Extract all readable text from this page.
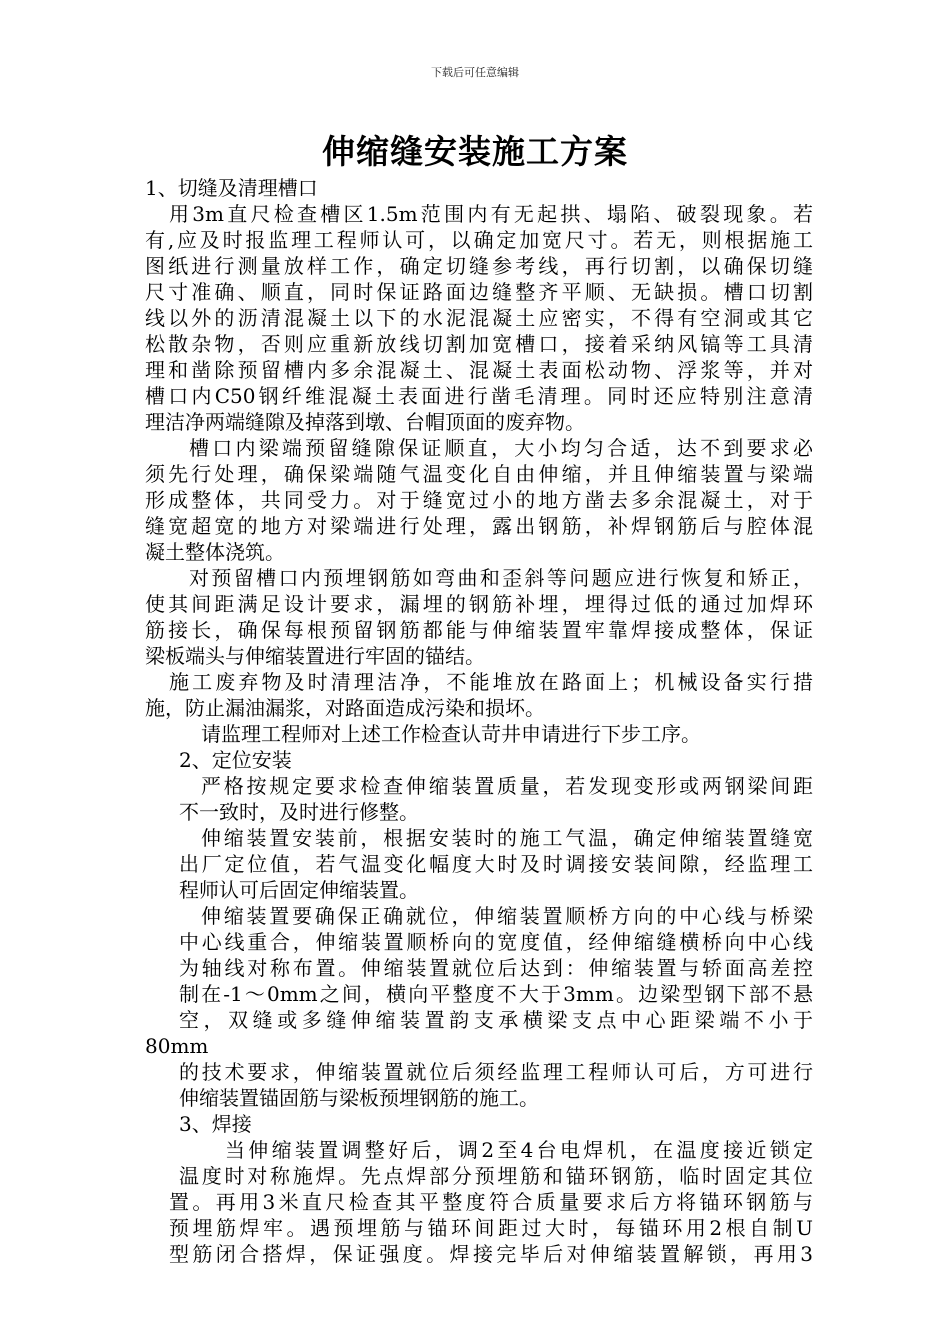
下载后可任意编辑
伸缩缝安装施工方案
1、切缝及清理槽口
用3m直尺检查槽区1.5m范围内有无起拱、塌陷、破裂现象。若
有,应及时报监理工程师认可，以确定加宽尺寸。若无，则根据施工
图纸进行测量放样工作，确定切缝参考线，再行切割，以确保切缝
尺寸准确、顺直，同时保证路面边缝整齐平顺、无缺损。槽口切割
线以外的沥清混凝土以下的水泥混凝土应密实，不得有空洞或其它
松散杂物，否则应重新放线切割加宽槽口，接着采纳风镐等工具清
理和凿除预留槽内多余混凝土、混凝土表面松动物、浮浆等，并对
槽口内C50钢纤维混凝土表面进行凿毛清理。同时还应特别注意清
理洁净两端缝隙及掉落到墩、台帽顶面的废弃物。
槽口内梁端预留缝隙保证顺直，大小均匀合适，达不到要求必
须先行处理，确保梁端随气温变化自由伸缩，并且伸缩装置与梁端
形成整体，共同受力。对于缝宽过小的地方凿去多余混凝土，对于
缝宽超宽的地方对梁端进行处理，露出钢筋，补焊钢筋后与腔体混
凝土整体浇筑。
对预留槽口内预埋钢筋如弯曲和歪斜等问题应进行恢复和矫正，
使其间距满足设计要求，漏埋的钢筋补埋，埋得过低的通过加焊环
筋接长，确保每根预留钢筋都能与伸缩装置牢靠焊接成整体，保证
梁板端头与伸缩装置进行牢固的锚结。
施工废弃物及时清理洁净，不能堆放在路面上；机械设备实行措
施，防止漏油漏浆，对路面造成污染和损坏。
请监理工程师对上述工作检查认苛井申请进行下步工序。
2、定位安装
严格按规定要求检查伸缩装置质量，若发现变形或两钢梁间距
不一致时，及时进行修整。
伸缩装置安装前，根据安装时的施工气温，确定伸缩装置缝宽
出厂定位值，若气温变化幅度大时及时调接安装间隙，经监理工
程师认可后固定伸缩装置。
伸缩装置要确保正确就位，伸缩装置顺桥方向的中心线与桥梁
中心线重合，伸缩装置顺桥向的宽度值，经伸缩缝横桥向中心线
为轴线对称布置。伸缩装置就位后达到：伸缩装置与轿面高差控
制在-1～0mm之间，横向平整度不大于3mm。边梁型钢下部不悬
空，双缝或多缝伸缩装置韵支承横梁支点中心距梁端不小于
80mm
的技术要求，伸缩装置就位后须经监理工程师认可后，方可进行
伸缩装置锚固筋与梁板预埋钢筋的施工。
3、焊接
当伸缩装置调整好后，调2至4台电焊机，在温度接近锁定
温度时对称施焊。先点焊部分预埋筋和锚环钢筋，临时固定其位
置。再用3米直尺检查其平整度符合质量要求后方将锚环钢筋与
预埋筋焊牢。遇预埋筋与锚环间距过大时，每锚环用2根自制U
型筋闭合搭焊，保证强度。焊接完毕后对伸缩装置解锁，再用3
